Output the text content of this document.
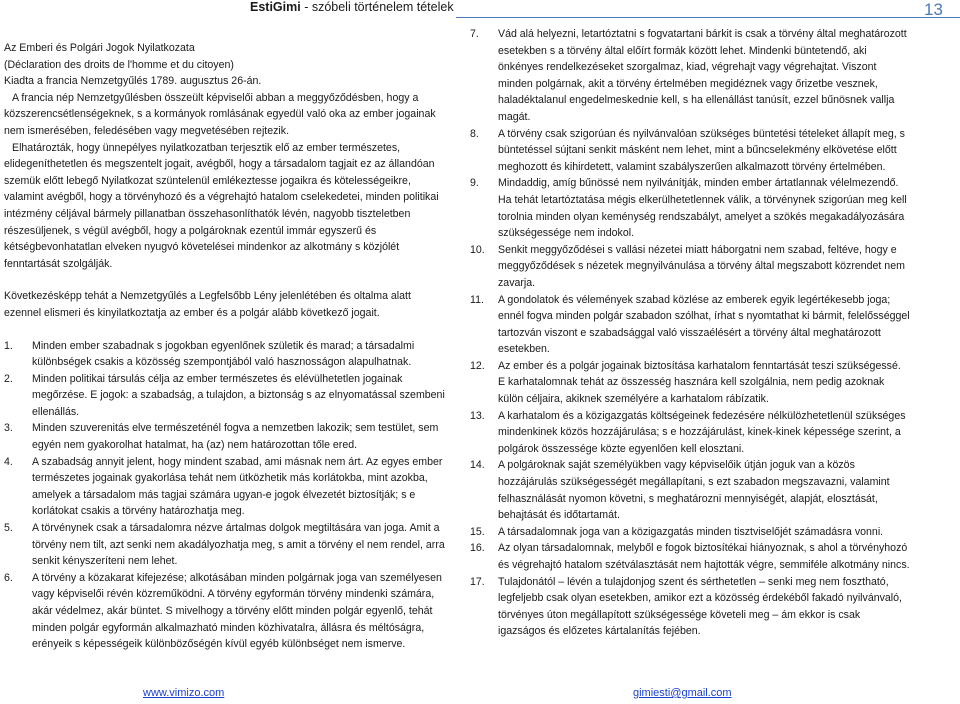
EstiGimi - szóbeli történelem tételek	13

Az Emberi és Polgári Jogok Nyilatkozata

(Déclaration des droits de l'homme et du citoyen)

Kiadta a francia Nemzetgyűlés 1789. augusztus 26-án.

A francia nép Nemzetgyűlésben összeült képviselői abban a meggyőződésben, hogy a közszerencsétlenségeknek, s a kormányok romlásának egyedül való oka az ember jogainak nem ismerésében, feledésében vagy megvetésében rejtezik.

Elhatározták, hogy ünnepélyes nyilatkozatban terjesztik elő az ember természetes, elidegeníthetetlen és megszentelt jogait, avégből, hogy a társadalom tagjait ez az állandóan szemük előtt lebegő Nyilatkozat szüntelenül emlékeztesse jogaikra és kötelességeikre, valamint avégből, hogy a törvényhozó és a végrehajtó hatalom cselekedetei, minden politikai intézmény céljával bármely pillanatban összehasonlíthatók lévén, nagyobb tiszteletben részesüljenek, s végül avégből, hogy a polgároknak ezentúl immár egyszerű és kétségbevonhatatlan elveken nyugvó követelései mindenkor az alkotmány s közjólét fenntartását szolgálják.

Következésképp tehát a Nemzetgyűlés a Legfelsőbb Lény jelenlétében és oltalma alatt ezennel elismeri és kinyilatkoztatja az ember és a polgár alább következő jogait.

1.	Minden ember szabadnak s jogokban egyenlőnek születik és marad; a társadalmi különbségek csakis a közösség szempontjából való hasznosságon alapulhatnak.
2.	Minden politikai társulás célja az ember természetes és elévülhetetlen jogainak megőrzése. E jogok: a szabadság, a tulajdon, a biztonság s az elnyomatással szembeni ellenállás.
3.	Minden szuverenitás elve természeténél fogva a nemzetben lakozik; sem testület, sem egyén nem gyakorolhat hatalmat, ha (az) nem határozottan tőle ered.
4.	A szabadság annyit jelent, hogy mindent szabad, ami másnak nem árt. Az egyes ember természetes jogainak gyakorlása tehát nem ütközhetik más korlátokba, mint azokba, amelyek a társadalom más tagjai számára ugyan-e jogok élvezetét biztosítják; s e korlátokat csakis a törvény határozhatja meg.
5.	A törvénynek csak a társadalomra nézve ártalmas dolgok megtiltására van joga. Amit a törvény nem tilt, azt senki nem akadályozhatja meg, s amit a törvény el nem rendel, arra senkit kényszeríteni nem lehet.
6.	A törvény a közakarat kifejezése; alkotásában minden polgárnak joga van személyesen vagy képviselői révén közreműködni. A törvény egyformán törvény mindenki számára, akár védelmez, akár büntet. S mivelhogy a törvény előtt minden polgár egyenlő, tehát minden polgár egyformán alkalmazható minden közhivatalra, állásra és méltóságra, erényeik s képességeik különbözőségén kívül egyéb különbséget nem ismerve.
7.	Vád alá helyezni, letartóztatni s fogvatartani bárkit is csak a törvény által meghatározott esetekben s a törvény által előírt formák között lehet. Mindenki büntetendő, aki önkényes rendelkezéseket szorgalmaz, kiad, végrehajt vagy végrehajtat. Viszont minden polgárnak, akit a törvény értelmében megidéznek vagy őrizetbe vesznek, haladéktalanul engedelmeskednie kell, s ha ellenállást tanúsít, ezzel bűnösnek vallja magát.
8.	A törvény csak szigorúan és nyilvánvalóan szükséges büntetési tételeket állapít meg, s büntetéssel sújtani senkit másként nem lehet, mint a bűncselekmény elkövetése előtt meghozott és kihirdetett, valamint szabályszerűen alkalmazott törvény értelmében.
9.	Mindaddig, amíg bűnössé nem nyilvánítják, minden ember ártatlannak vélelmezendő. Ha tehát letartóztatása mégis elkerülhetetlennek válik, a törvénynek szigorúan meg kell torolnia minden olyan keménység rendszabályt, amelyet a szökés megakadályozására szükségessége nem indokol.
10.	Senkit meggyőződései s vallási nézetei miatt háborgatni nem szabad, feltéve, hogy e meggyőződések s nézetek megnyilvánulása a törvény által megszabott közrendet nem zavarja.
11.	A gondolatok és vélemények szabad közlése az emberek egyik legértékesebb joga; ennél fogva minden polgár szabadon szólhat, írhat s nyomtathat ki bármit, felelősséggel tartozván viszont e szabadsággal való visszaélésért a törvény által meghatározott esetekben.
12.	Az ember és a polgár jogainak biztosítása karhatalom fenntartását teszi szükségessé. E karhatalomnak tehát az összesség hasznára kell szolgálnia, nem pedig azoknak külön céljaira, akiknek személyére a karhatalom rábízatik.
13.	A karhatalom és a közigazgatás költségeinek fedezésére nélkülözhetetlenül szükséges mindenkinek közös hozzájárulása; s e hozzájárulást, kinek-kinek képessége szerint, a polgárok összessége közte egyenlően kell elosztani.
14.	A polgároknak saját személyükben vagy képviselőik útján joguk van a közös hozzájárulás szükségességét megállapítani, s ezt szabadon megszavazni, valamint felhasználását nyomon követni, s meghatározni mennyiségét, alapját, elosztását, behajtását és időtartamát.
15.	A társadalomnak joga van a közigazgatás minden tisztviselőjét számadásra vonni.
16.	Az olyan társadalomnak, melyből e fogok biztosítékai hiányoznak, s ahol a törvényhozó és végrehajtó hatalom szétválasztását nem hajtották végre, semmiféle alkotmány nincs.
17.	Tulajdonától – lévén a tulajdonjog szent és sérthetetlen – senki meg nem fosztható, legfeljebb csak olyan esetekben, amikor ezt a közösség érdekéből fakadó nyilvánvaló, törvényes úton megállapított szükségessége követeli meg – ám ekkor is csak igazságos és előzetes kártalanítás fejében.
www.vimizo.com	gimiesti@gmail.com
